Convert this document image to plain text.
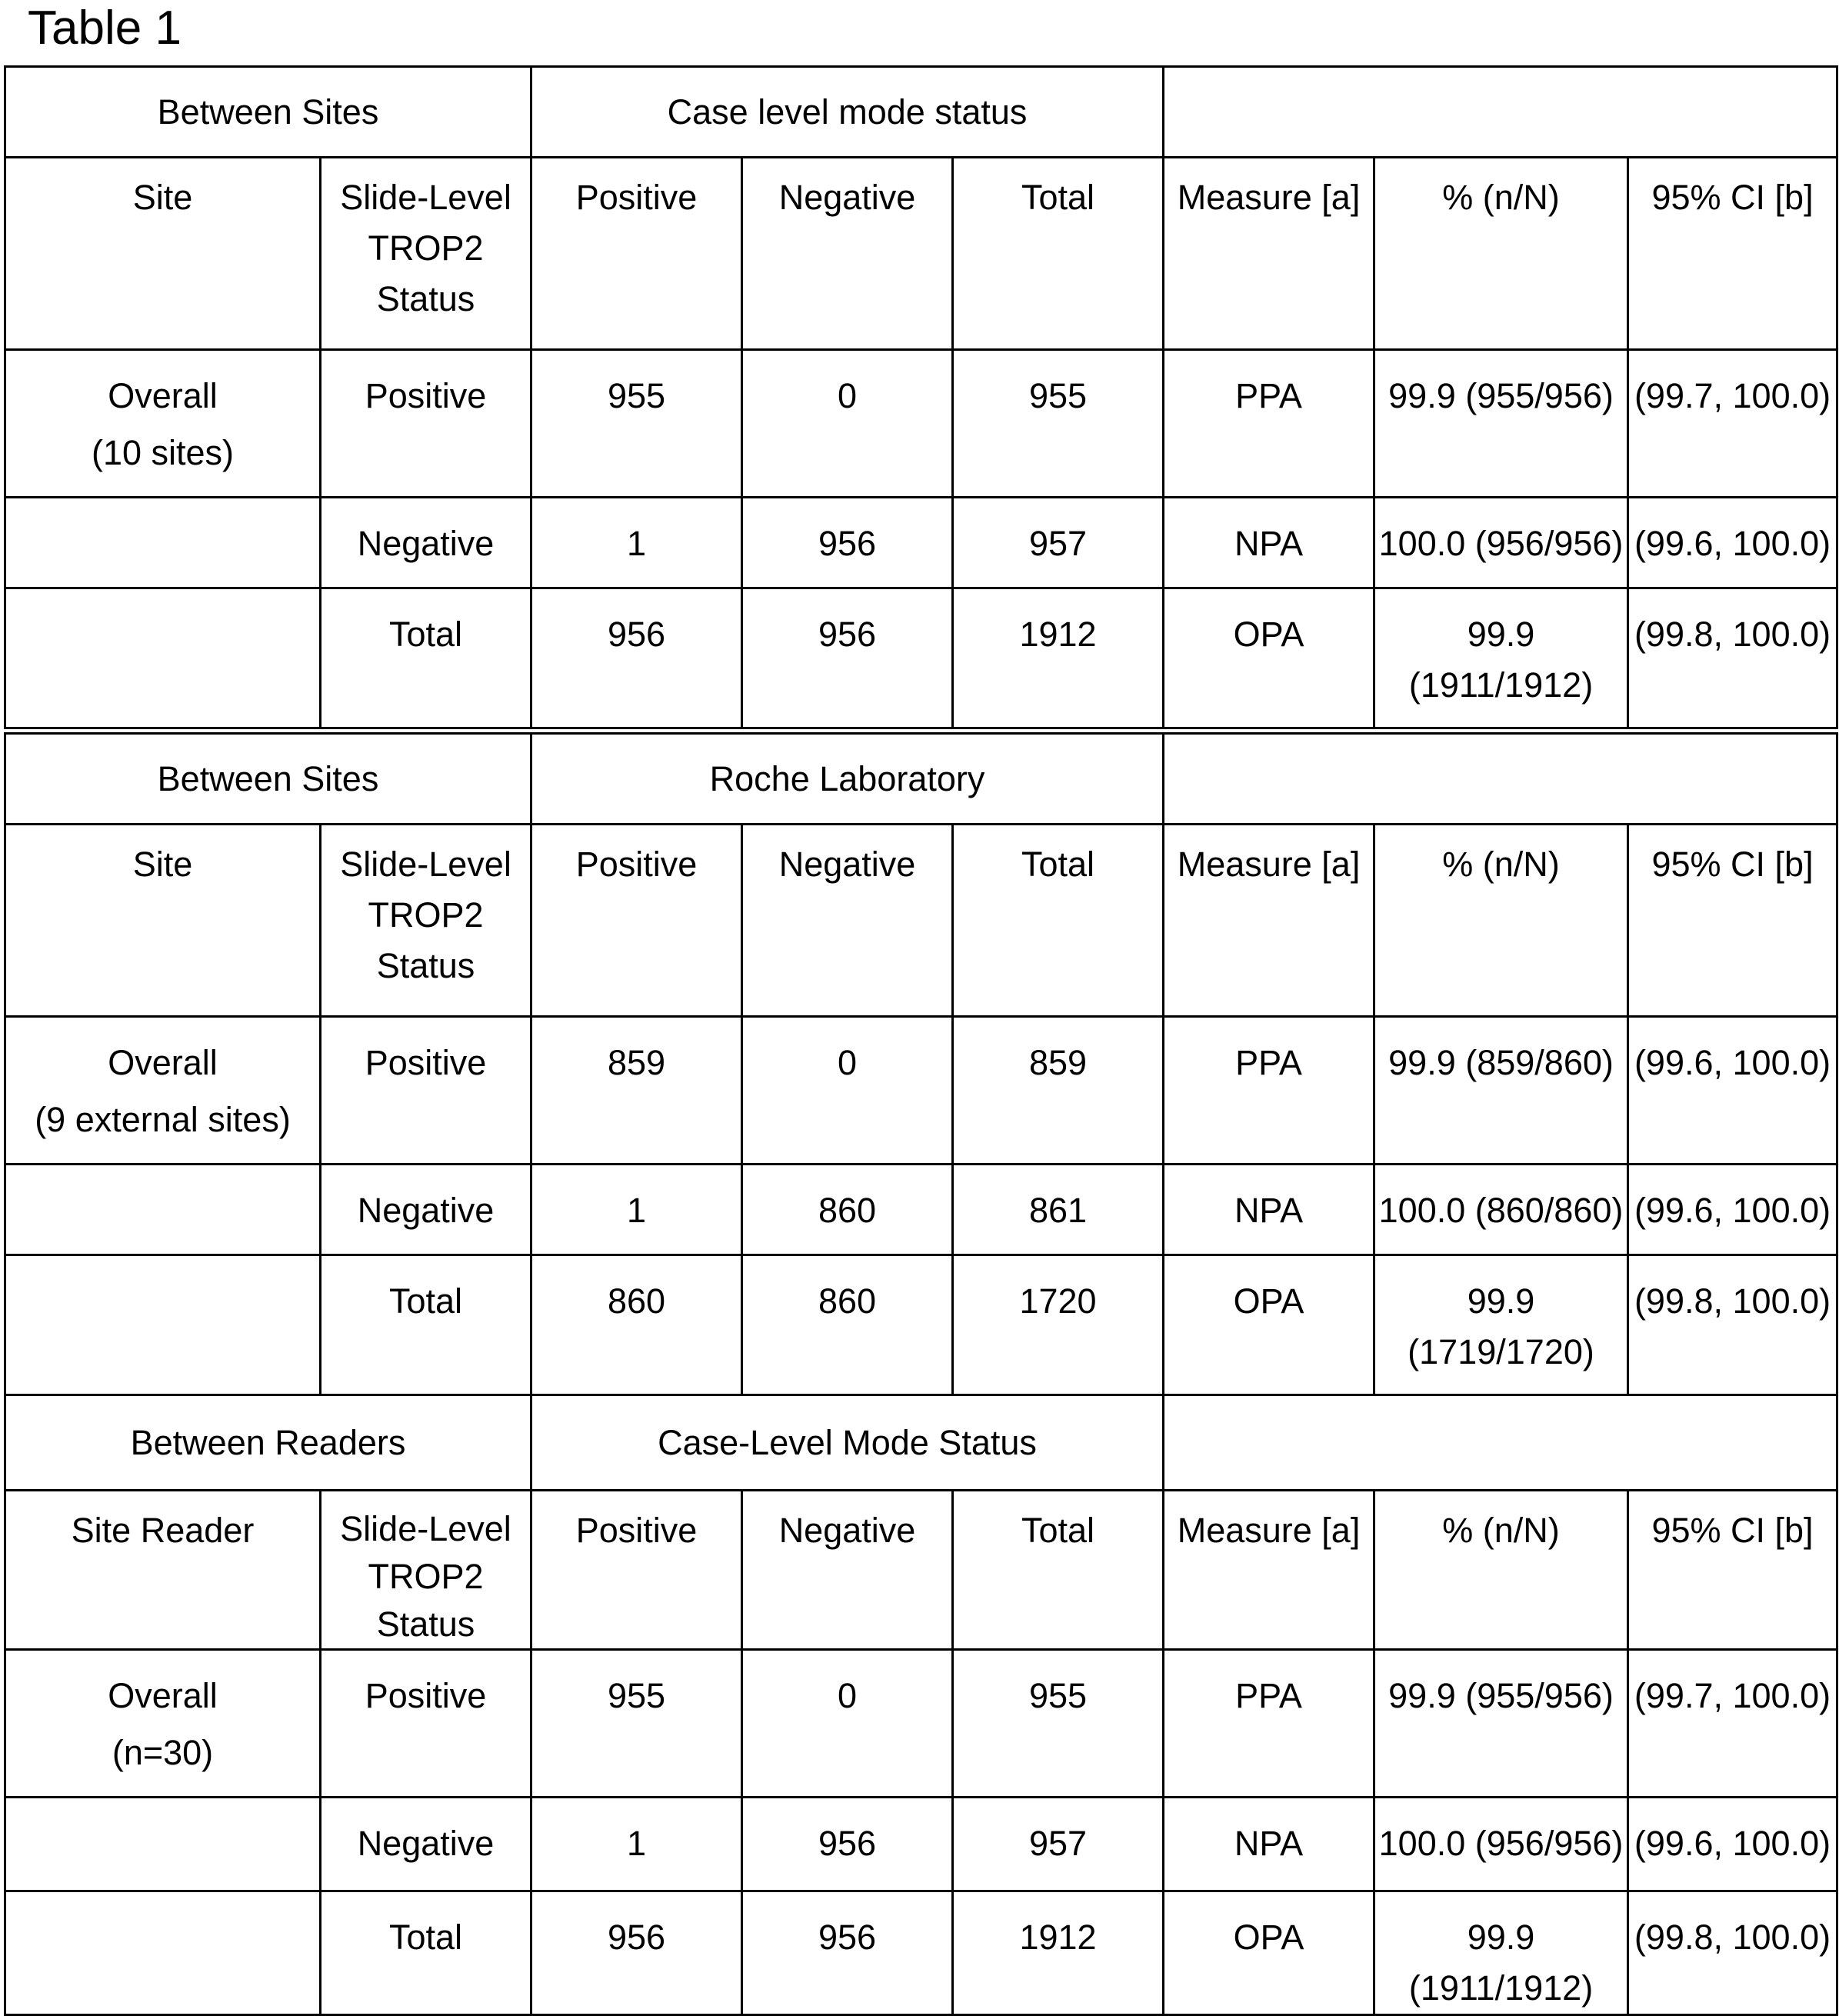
Table 1
Between Sites		Case level mode status					

Site	Slide-Level TROP2 Status	Positive	Negative	Total	Measure [a]	% (n/N)	95% CI [b]

Overall
(10 sites)	Positive	955	0	955	PPA	99.9 (955/956)	(99.7, 100.0)

	Negative	1	956	957	NPA	100.0 (956/956)	(99.6, 100.0)

	Total	956	956	1912	OPA	99.9 (1911/1912)	(99.8, 100.0)
Between Sites		Roche Laboratory					

Site	Slide-Level TROP2 Status	Positive	Negative	Total	Measure [a]	% (n/N)	95% CI [b]

Overall
(9 external sites)	Positive	859	0	859	PPA	99.9 (859/860)	(99.6, 100.0)

	Negative	1	860	861	NPA	100.0 (860/860)	(99.6, 100.0)

	Total	860	860	1720	OPA	99.9 (1719/1720)	(99.8, 100.0)
Between Readers		Case-Level Mode Status					

Site Reader	Slide-Level TROP2 Status	Positive	Negative	Total	Measure [a]	% (n/N)	95% CI [b]

Overall
(n=30)	Positive	955	0	955	PPA	99.9 (955/956)	(99.7, 100.0)

	Negative	1	956	957	NPA	100.0 (956/956)	(99.6, 100.0)

	Total	956	956	1912	OPA	99.9 (1911/1912)	(99.8, 100.0)
